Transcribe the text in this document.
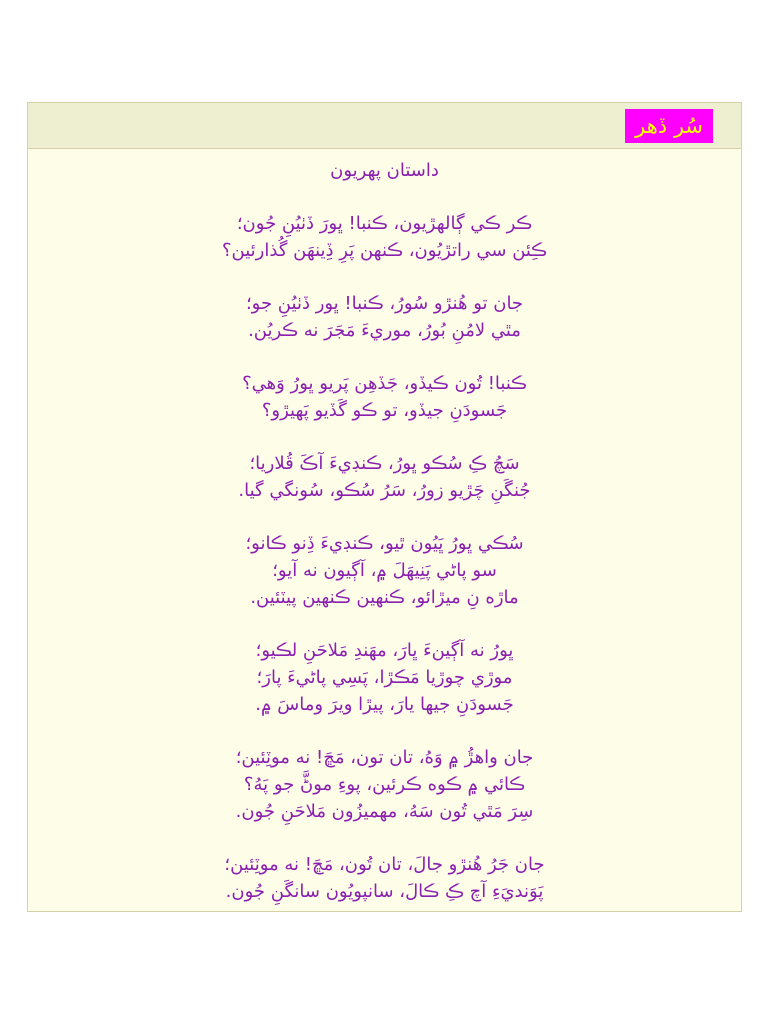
سُر ڏهر
داستان پهريون
ڪر ڪي ڳالهڙيون، ڪنبا! ڀورَ ڏٺيُنِ جُون؛
ڪِئن سي راتڙيُون، ڪنهن پَرِ ڏِينهَن گُذارئين؟
جان تو هُنڙو سُورُ، ڪنبا! ڀور ڏٺيُنِ جو؛
مٿي لامُنِ بُورُ، موريءَ مَجَرَ نه ڪريُن.
ڪنبا! تُون ڪيڏو، جَڏهِن پَريو ڀورُ وَهي؟
جَسودَنِ جيڏو، تو ڪو گَڏيو پَهيڙو؟
سَچُ ڪِ سُڪو ڀورُ، ڪنڊيءَ آڪَ قُلاريا؛
جُنگَنِ چَڙيو زورُ، سَرُ سُڪو، سُونگي گيا.
سُڪي ڀورُ ڀَيُون ٿيو، ڪنڊيءَ ڏِنو ڪانو؛
سو پاڻي پَنِيهَلَ ۾، آڳيون نه آيو؛
ماڙه نِ ميڙائو، ڪنهين ڪنهين پيٽئين.
ڀورُ نه آڳينءَ ڀارَ، مهَندِ مَلاحَنِ لڪيو؛
موڙي چوڙيا مَڪڙا، پَسِي پاڻيءَ پارَ؛
جَسودَنِ جيها يارَ، پيڙا ويرَ وماسَ ۾.
جان واهڙُ ۾ وَهُ، تان تون، مَڇَ! نه موٽِئين؛
ڪائي ۾ ڪوه ڪرئين، پوءِ موڻَّ جو پَهُ؟
سِرَ مَٿي تُون سَهُ، مهميزُون مَلاحَنِ جُون.
جان جَرُ هُنڙو جالَ، تان تُون، مَڇَ! نه موٽِئين؛
پَوَنديَءِ آچ ڪِ ڪالَ، سانپويُون سانگَنِ جُون.
